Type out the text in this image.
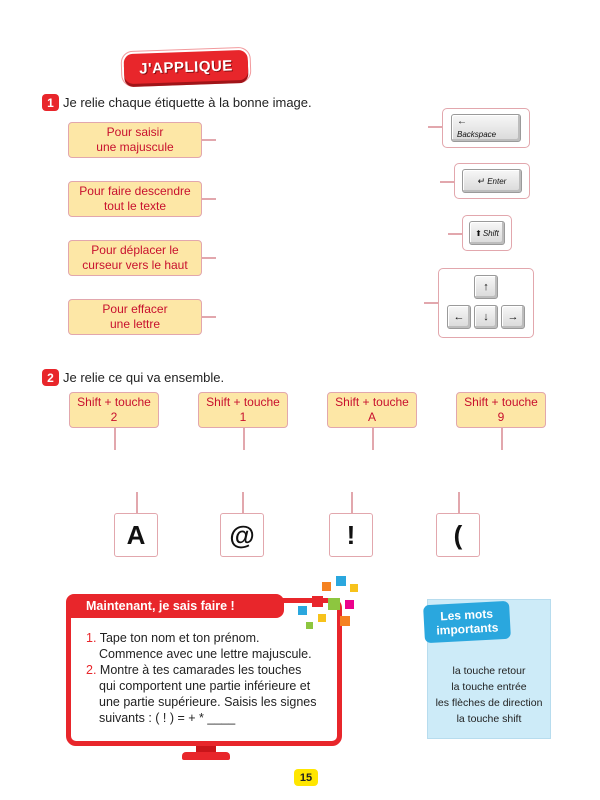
J'APPLIQUE
1 Je relie chaque étiquette à la bonne image.
Pour saisir
une majuscule
Pour faire descendre
tout le texte
Pour déplacer le
curseur vers le haut
Pour effacer
une lettre
←
Backspace
↵ Enter
⬆ Shift
↑
←	↓	→
2 Je relie ce qui va ensemble.
Shift + touche
2
Shift + touche
1
Shift + touche
A
Shift + touche
9
A	@	!	(
Maintenant, je sais faire !
1. Tape ton nom et ton prénom.
Commence avec une lettre majuscule.
2. Montre à tes camarades les touches
qui comportent une partie inférieure et
une partie supérieure. Saisis les signes
suivants : ( ! ) = + * ____
Les mots
importants
la touche retour
la touche entrée
les flèches de direction
la touche shift
15
